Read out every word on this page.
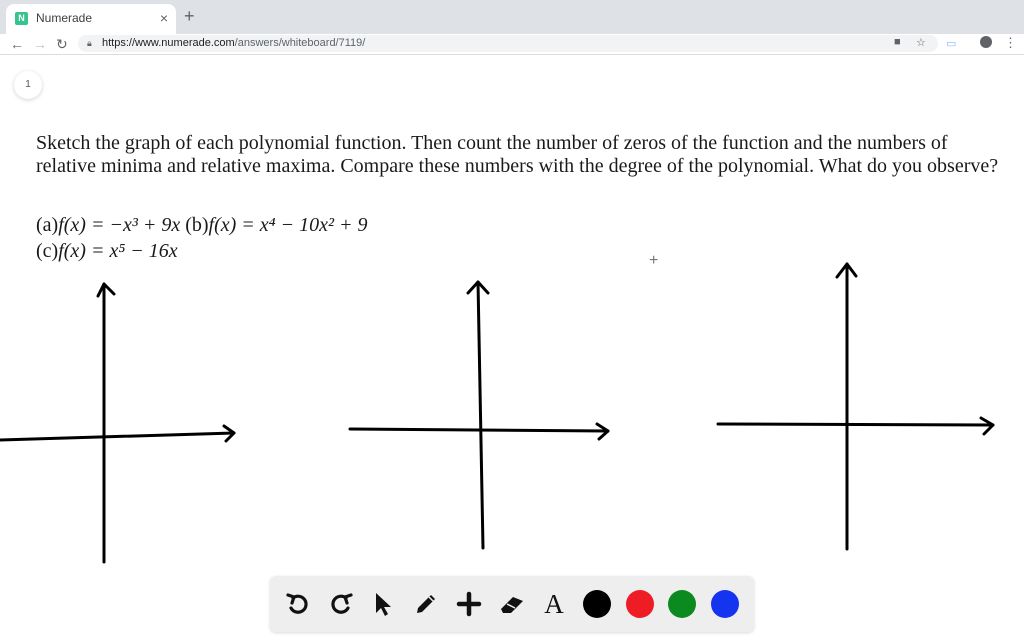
N Numerade	× +
← → ↻ 🔒︎ https://www.numerade.com/answers/whiteboard/7119/	■ ☆ ▭	⋮
1
Sketch the graph of each polynomial function. Then count the number of zeros of the function and the numbers of relative minima and relative maxima. Compare these numbers with the degree of the polynomial. What do you observe?
(a)f(x) = −x³ + 9x (b)f(x) = x⁴ − 10x² + 9
(c)f(x) = x⁵ − 16x	+
A
